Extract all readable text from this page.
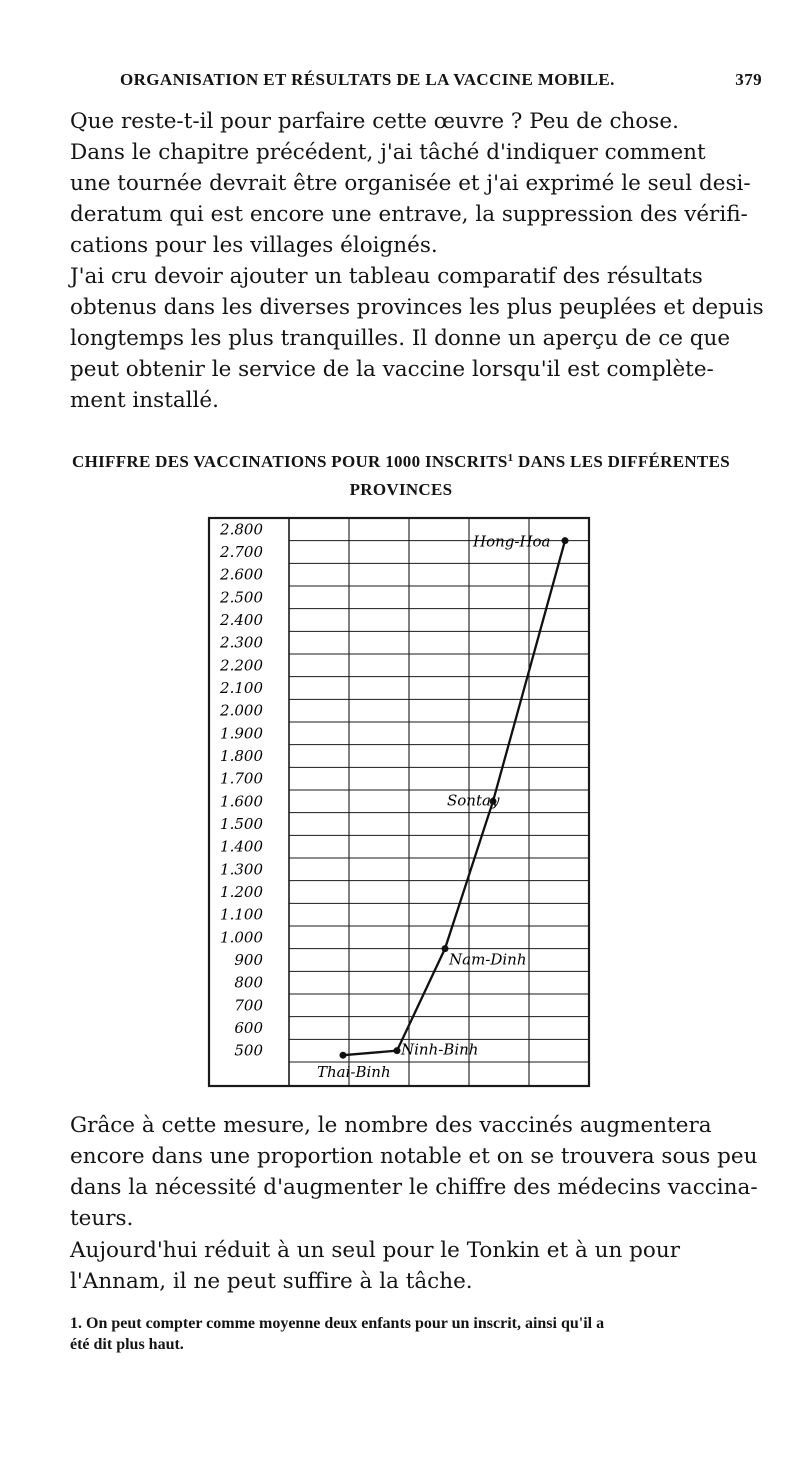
ORGANISATION ET RÉSULTATS DE LA VACCINE MOBILE.	379

Que reste-t-il pour parfaire cette œuvre ? Peu de chose.

Dans le chapitre précédent, j'ai tâché d'indiquer comment
une tournée devrait être organisée et j'ai exprimé le seul desi-
deratum qui est encore une entrave, la suppression des vérifi-
cations pour les villages éloignés.

J'ai cru devoir ajouter un tableau comparatif des résultats
obtenus dans les diverses provinces les plus peuplées et depuis
longtemps les plus tranquilles. Il donne un aperçu de ce que
peut obtenir le service de la vaccine lorsqu'il est complète-
ment installé.

CHIFFRE DES VACCINATIONS POUR 1000 INSCRITS$^1$ DANS LES DIFFÉRENTES
PROVINCES
2.800
2.700
2.600
2.500
2.400
2.300
2.200
2.100
2.000
1.900
1.800
1.700
1.600
1.500
1.400
1.300
1.200
1.100
1.000
900
800
700
600
500
Thai-Binh
Ninh-Binh
Nam-Dinh
Sontay
Hong-Hoa

Grâce à cette mesure, le nombre des vaccinés augmentera
encore dans une proportion notable et on se trouvera sous peu
dans la nécessité d'augmenter le chiffre des médecins vaccina-
teurs.

Aujourd'hui réduit à un seul pour le Tonkin et à un pour
l'Annam, il ne peut suffire à la tâche.

1. On peut compter comme moyenne deux enfants pour un inscrit, ainsi qu'il a
été dit plus haut.
